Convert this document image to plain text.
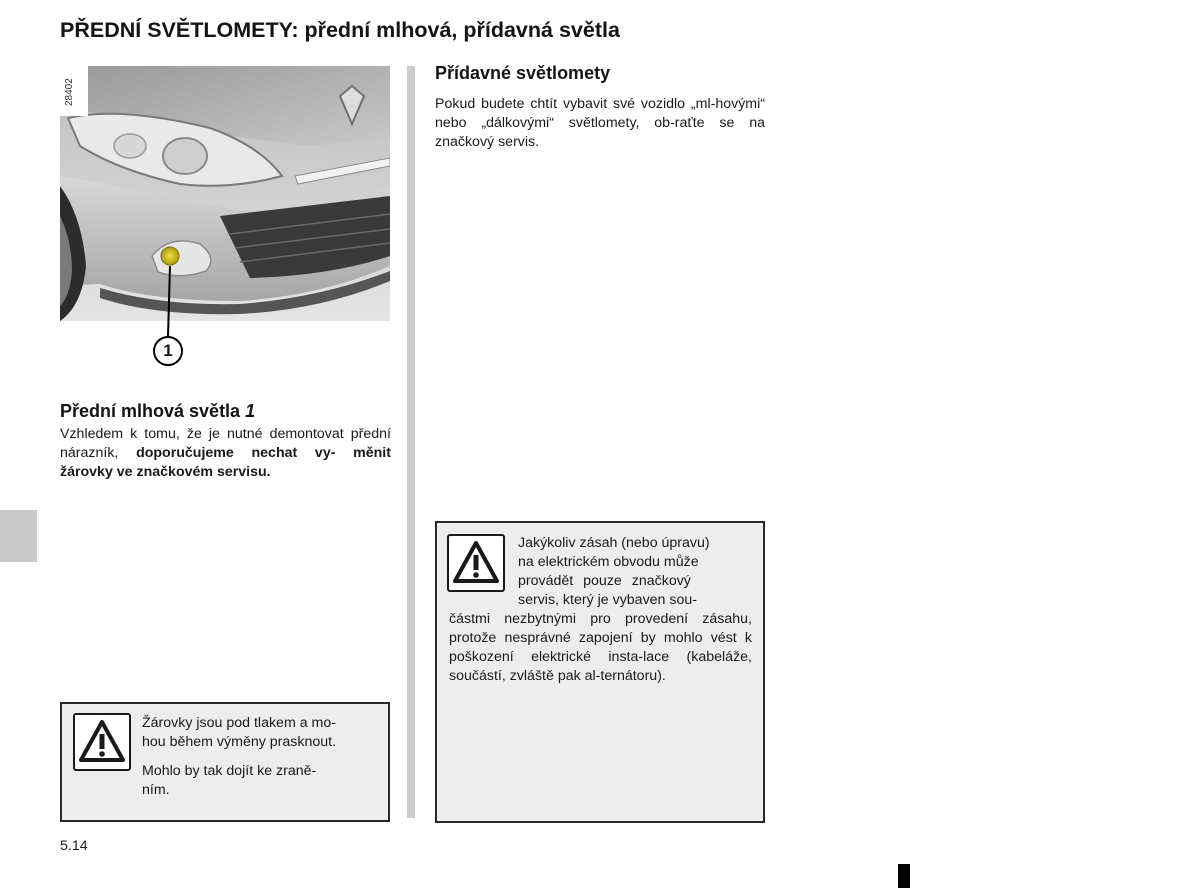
PŘEDNÍ SVĚTLOMETY: přední mlhová, přídavná světla
28402
1
Přední mlhová světla 1

Vzhledem k tomu, že je nutné demontovat přední nárazník, doporučujeme nechat vy- měnit žárovky ve značkovém servisu.

Žárovky jsou pod tlakem a mo-
hou během výměny prasknout.

Mohlo by tak dojít ke zraně-
ním.

Přídavné světlomety

Pokud budete chtít vybavit své vozidlo „ml-hovými“ nebo „dálkovými“ světlomety, ob-raťte se na značkový servis.

Jakýkoliv zásah (nebo úpravu)
na elektrickém obvodu může
provádět pouze značkový
servis, který je vybaven sou-

částmi nezbytnými pro provedení zásahu, protože nesprávné zapojení by mohlo vést k poškození elektrické insta-lace (kabeláže, součástí, zvláště pak al-ternátoru).

5.14
